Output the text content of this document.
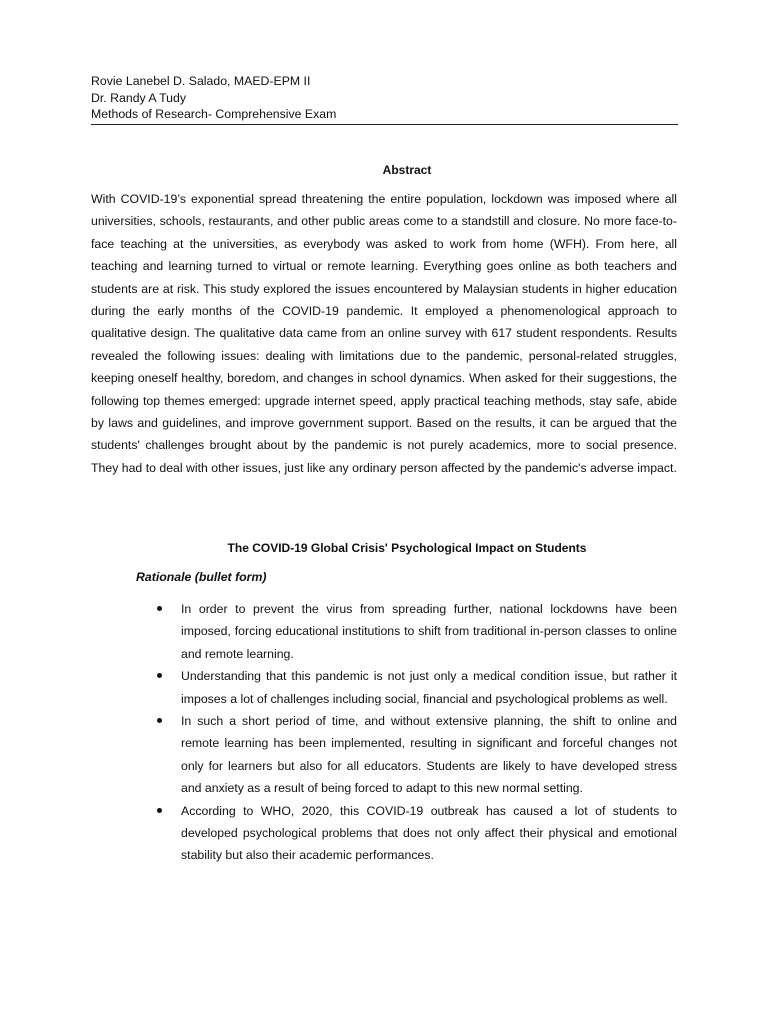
Rovie Lanebel D. Salado, MAED-EPM II
Dr. Randy A Tudy
Methods of Research- Comprehensive Exam
Abstract

With COVID-19’s exponential spread threatening the entire population, lockdown was imposed where all universities, schools, restaurants, and other public areas come to a standstill and closure. No more face-to-face teaching at the universities, as everybody was asked to work from home (WFH). From here, all teaching and learning turned to virtual or remote learning. Everything goes online as both teachers and students are at risk. This study explored the issues encountered by Malaysian students in higher education during the early months of the COVID-19 pandemic. It employed a phenomenological approach to qualitative design. The qualitative data came from an online survey with 617 student respondents. Results revealed the following issues: dealing with limitations due to the pandemic, personal-related struggles, keeping oneself healthy, boredom, and changes in school dynamics. When asked for their suggestions, the following top themes emerged: upgrade internet speed, apply practical teaching methods, stay safe, abide by laws and guidelines, and improve government support. Based on the results, it can be argued that the students' challenges brought about by the pandemic is not purely academics, more to social presence. They had to deal with other issues, just like any ordinary person affected by the pandemic's adverse impact.

The COVID-19 Global Crisis' Psychological Impact on Students
Rationale (bullet form)
In order to prevent the virus from spreading further, national lockdowns have been imposed, forcing educational institutions to shift from traditional in-person classes to online and remote learning.
Understanding that this pandemic is not just only a medical condition issue, but rather it imposes a lot of challenges including social, financial and psychological problems as well.
In such a short period of time, and without extensive planning, the shift to online and remote learning has been implemented, resulting in significant and forceful changes not only for learners but also for all educators. Students are likely to have developed stress and anxiety as a result of being forced to adapt to this new normal setting.
According to WHO, 2020, this COVID-19 outbreak has caused a lot of students to developed psychological problems that does not only affect their physical and emotional stability but also their academic performances.
